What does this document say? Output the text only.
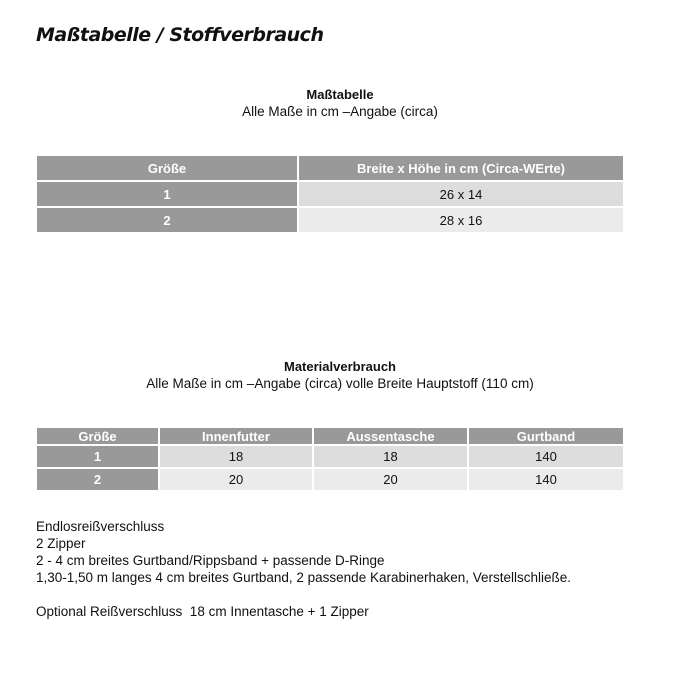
Maßtabelle / Stoffverbrauch
Maßtabelle
Alle Maße in cm –Angabe (circa)
Größe	Breite x Höhe in cm (Circa-WErte)
1	26 x 14
2	28 x 16
Materialverbrauch
Alle Maße in cm –Angabe (circa) volle Breite Hauptstoff (110 cm)
Größe	Innenfutter	Aussentasche	Gurtband
1	18	18	140
2	20	20	140
Endlosreißverschluss
2 Zipper
2 - 4 cm breites Gurtband/Rippsband + passende D-Ringe
1,30-1,50 m langes 4 cm breites Gurtband, 2 passende Karabinerhaken, Verstellschließe.
Optional Reißverschluss  18 cm Innentasche + 1 Zipper
